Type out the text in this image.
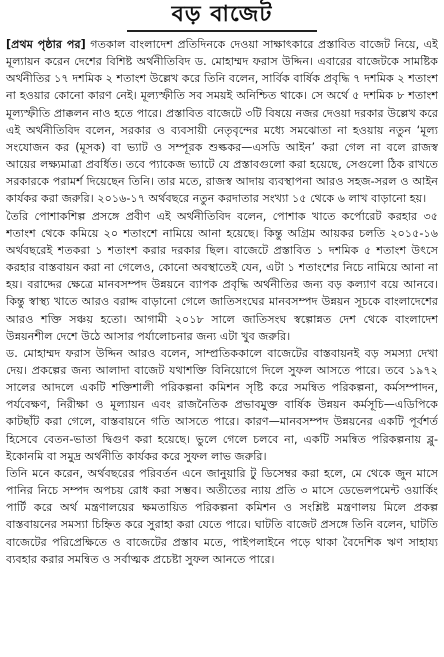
বড় বাজেট

[প্রথম পৃষ্ঠার পর] গতকাল বাংলাদেশ প্রতিদিনকে দেওয়া সাক্ষাৎকারে প্রস্তাবিত বাজেট নিয়ে, এই মূল্যায়ন করেন দেশের বিশিষ্ট অর্থনীতিবিদ ড. মোহাম্মদ ফরাস উদ্দিন। এবারের বাজেটকে সামষ্টিক অর্থনীতির ১৭ দশমিক ২ শতাংশ উল্লেখ করে তিনি বলেন, সার্বিক বার্ষিক প্রবৃদ্ধি ৭ দশমিক ২ শতাংশ না হওয়ার কোনো কারণ নেই। মূল্যস্ফীতি সব সময়ই অনিশ্চিত থাকে। সে অর্থে ৫ দশমিক ৮ শতাংশ মূল্যস্ফীতি প্রাক্কলন নাও হতে পারে। প্রস্তাবিত বাজেটে ৩টি বিষয়ে নজর দেওয়া দরকার উল্লেখ করে এই অর্থনীতিবিদ বলেন, সরকার ও ব্যবসায়ী নেতৃবৃন্দের মধ্যে সমঝোতা না হওয়ায় নতুন ‘মূল্য সংযোজন কর (মূসক) বা ভ্যাট ও সম্পূরক শুল্ককর—এসডি আইন’ করা গেল না বলে রাজস্ব আয়ের লক্ষ্যমাত্রা প্রবর্ধিত। তবে প্যাকেজ ভ্যাটে যে প্রস্তাবগুলো করা হয়েছে, সেগুলো ঠিক রাখতে সরকারকে পরামর্শ দিয়েছেন তিনি। তার মতে, রাজস্ব আদায় ব্যবস্থাপনা আরও সহজ-সরল ও আইন কার্যকর করা জরুরি। ২০১৬-১৭ অর্থবছরে নতুন করদাতার সংখ্যা ১৫ থেকে ৬ লাখ বাড়ানো হয়।

তৈরি পোশাকশিল্প প্রসঙ্গে প্রবীণ এই অর্থনীতিবিদ বলেন, পোশাক খাতে কর্পোরেট করহার ৩৫ শতাংশ থেকে কমিয়ে ২০ শতাংশে নামিয়ে আনা হয়েছে। কিন্তু অগ্রিম আয়কর চলতি ২০১৫-১৬ অর্থবছরেই শতকরা ১ শতাংশ করার দরকার ছিল। বাজেটে প্রস্তাবিত ১ দশমিক ৫ শতাংশ উৎসে করহার বাস্তবায়ন করা না গেলেও, কোনো অবস্থাতেই যেন, এটা ১ শতাংশের নিচে নামিয়ে আনা না হয়। বরাদ্দের ক্ষেত্রে মানবসম্পদ উন্নয়নে ব্যাপক প্রবৃদ্ধি অর্থনীতির জন্য বড় কল্যাণ বয়ে আনবে। কিন্তু স্বাস্থ্য খাতে আরও বরাদ্দ বাড়ানো গেলে জাতিসংঘের মানবসম্পদ উন্নয়ন সূচকে বাংলাদেশের আরও শক্তি সঞ্চয় হতো। আগামী ২০১৮ সালে জাতিসংঘ স্বল্পোন্নত দেশ থেকে বাংলাদেশ উন্নয়নশীল দেশে উঠে আসার পর্যালোচনার জন্য এটা খুব জরুরি।

ড. মোহাম্মদ ফরাস উদ্দিন আরও বলেন, সাম্প্রতিককালে বাজেটের বাস্তবায়নই বড় সমস্যা দেখা দেয়। প্রকল্পের জন্য আলাদা বাজেট যথাশক্তি বিনিয়োগে দিলে সুফল আসতে পারে। তবে ১৯৭২ সালের আদলে একটি শক্তিশালী পরিকল্পনা কমিশন সৃষ্টি করে সমন্বিত পরিকল্পনা, কর্মসম্পাদন, পর্যবেক্ষণ, নিরীক্ষা ও মূল্যায়ন এবং রাজনৈতিক প্রভাবমুক্ত বার্ষিক উন্নয়ন কর্মসূচি—এডিপিকে কাটছাঁট করা গেলে, বাস্তবায়নে গতি আসতে পারে। কারণ—মানবসম্পদ উন্নয়নের একটি পূর্বশর্ত হিসেবে বেতন-ভাতা দ্বিগুণ করা হয়েছে। ভুলে গেলে চলবে না, একটি সমন্বিত পরিকল্পনায় ব্লু-ইকোনমি বা সমুদ্র অর্থনীতি কার্যকর করে সুফল লাভ জরুরি।

তিনি মনে করেন, অর্থবছরের পরিবর্তন এনে জানুয়ারি টু ডিসেম্বর করা হলে, মে থেকে জুন মাসে পানির নিচে সম্পদ অপচয় রোধ করা সম্ভব। অতীতের ন্যায় প্রতি ৩ মাসে ডেভেলপমেন্ট ওয়ার্কিং পার্টি করে অর্থ মন্ত্রণালয়ের ক্ষমতায়িত পরিকল্পনা কমিশন ও সংশ্লিষ্ট মন্ত্রণালয় মিলে প্রকল্প বাস্তবায়নের সমস্যা চিহ্নিত করে সুরাহা করা যেতে পারে। ঘাটতি বাজেট প্রসঙ্গে তিনি বলেন, ঘাটতি বাজেটের পরিপ্রেক্ষিতে ও বাজেটের প্রস্তাব মতে, পাইপলাইনে পড়ে থাকা বৈদেশিক ঋণ সাহায্য ব্যবহার করার সমন্বিত ও সর্বাত্মক প্রচেষ্টা সুফল আনতে পারে।
